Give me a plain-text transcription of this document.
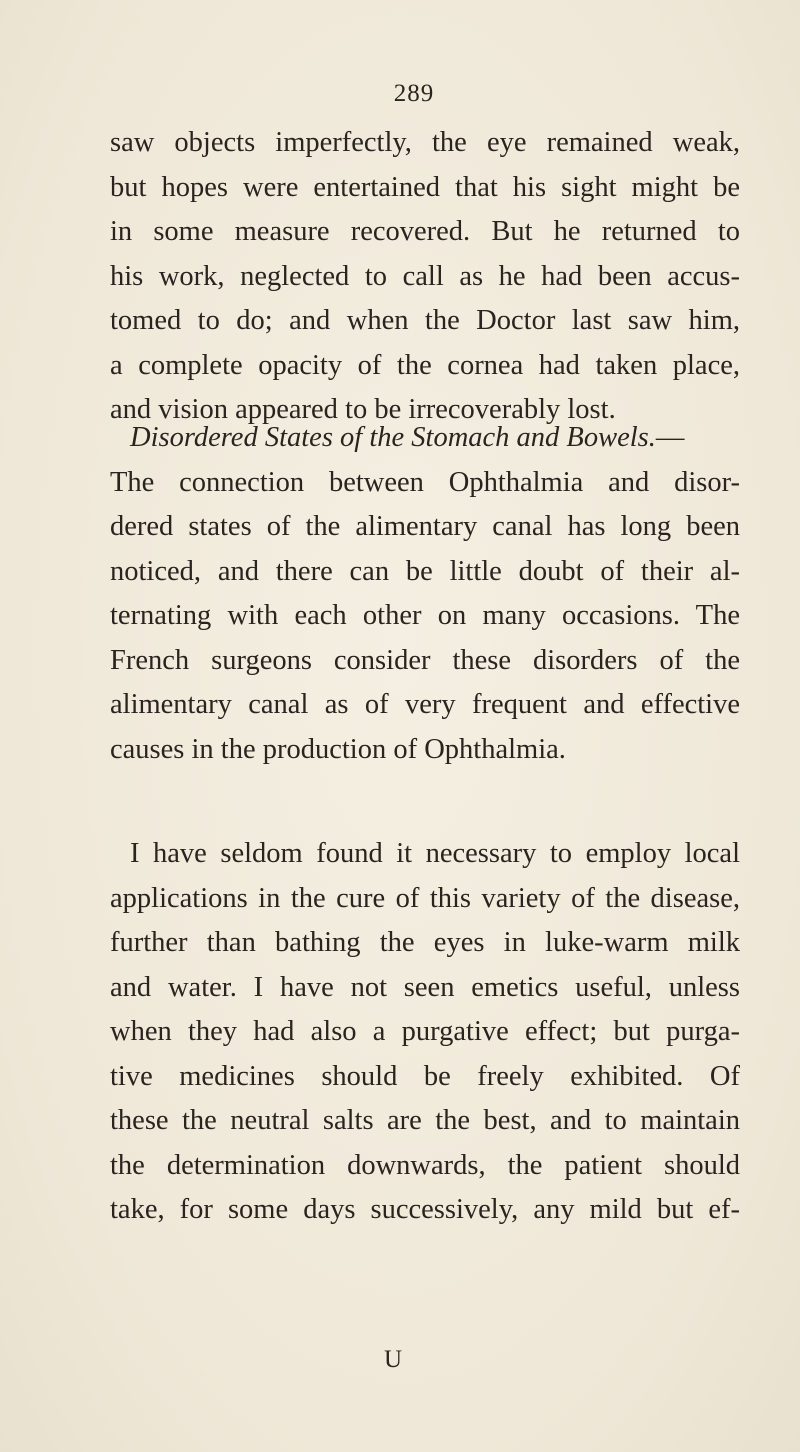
289
saw objects imperfectly, the eye remained weak,
but hopes were entertained that his sight might be
in some measure recovered. But he returned to
his work, neglected to call as he had been accus-
tomed to do; and when the Doctor last saw him,
a complete opacity of the cornea had taken place,
and vision appeared to be irrecoverably lost.
Disordered States of the Stomach and Bowels.—
The connection between Ophthalmia and disor-
dered states of the alimentary canal has long been
noticed, and there can be little doubt of their al-
ternating with each other on many occasions. The
French surgeons consider these disorders of the
alimentary canal as of very frequent and effective
causes in the production of Ophthalmia.
I have seldom found it necessary to employ local
applications in the cure of this variety of the disease,
further than bathing the eyes in luke-warm milk
and water. I have not seen emetics useful, unless
when they had also a purgative effect; but purga-
tive medicines should be freely exhibited. Of
these the neutral salts are the best, and to maintain
the determination downwards, the patient should
take, for some days successively, any mild but ef-
U
